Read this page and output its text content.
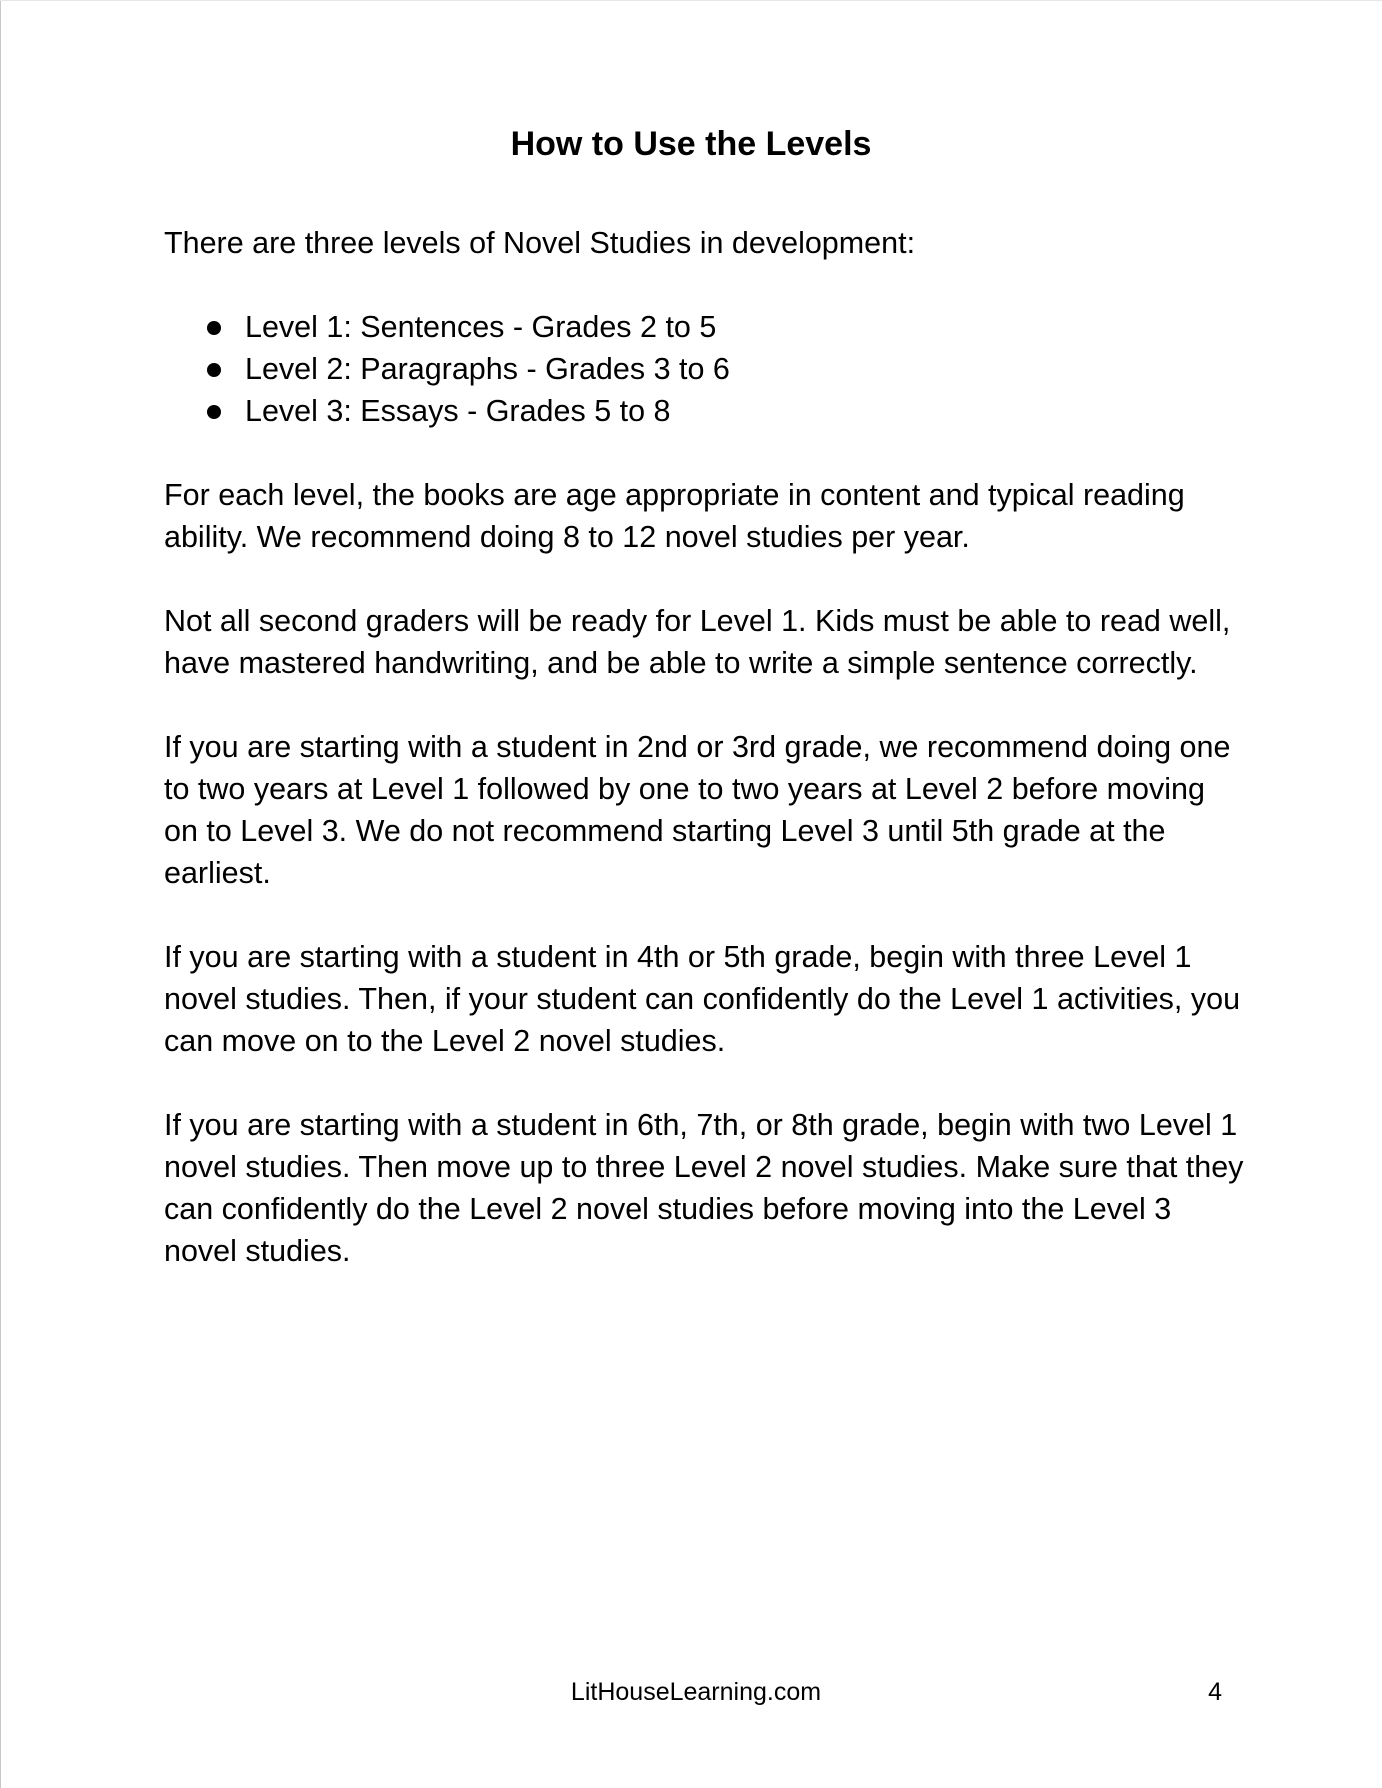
How to Use the Levels

There are three levels of Novel Studies in development:

Level 1: Sentences - Grades 2 to 5
Level 2: Paragraphs - Grades 3 to 6
Level 3: Essays - Grades 5 to 8

For each level, the books are age appropriate in content and typical reading ability. We recommend doing 8 to 12 novel studies per year.

Not all second graders will be ready for Level 1. Kids must be able to read well, have mastered handwriting, and be able to write a simple sentence correctly.

If you are starting with a student in 2nd or 3rd grade, we recommend doing one to two years at Level 1 followed by one to two years at Level 2 before moving on to Level 3. We do not recommend starting Level 3 until 5th grade at the earliest.

If you are starting with a student in 4th or 5th grade, begin with three Level 1 novel studies. Then, if your student can confidently do the Level 1 activities, you can move on to the Level 2 novel studies.

If you are starting with a student in 6th, 7th, or 8th grade, begin with two Level 1 novel studies. Then move up to three Level 2 novel studies. Make sure that they can confidently do the Level 2 novel studies before moving into the Level 3 novel studies.

LitHouseLearning.com	4
